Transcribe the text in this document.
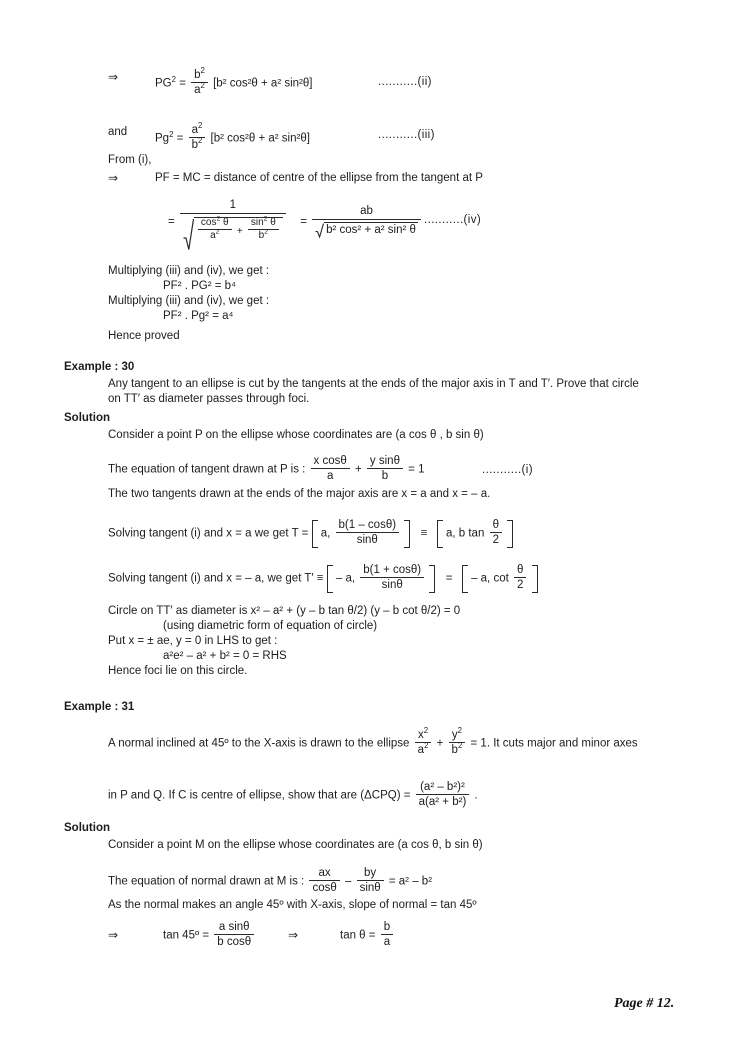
⇒	$PG^2 = \frac{b^2}{a^2} [b^2$ cos²θ + a² sin²θ]	...........(ii)
and
$Pg^2 = \frac{a^2}{b^2} [b^2$ cos²θ + a² sin²θ]	...........(iii)
From (i),
⇒	PF = MC = distance of centre of the ellipse from the tangent at P
=
1
$\frac{\cos^2 \theta}{a^2} + \frac{\sin^2 \theta}{b^2} = \frac{ab}{\text{b² cos² + a² sin² θ}} ...........(iv)$
Multiplying (iii) and (iv), we get :
PF² . PG² = b⁴
Multiplying (iii) and (iv), we get :
PF² . Pg² = a⁴
Hence proved
Example : 30
Any tangent to an ellipse is cut by the tangents at the ends of the major axis in T and T′. Prove that circle
on TT′ as diameter passes through foci.
Solution
Consider a point P on the ellipse whose coordinates are (a cos θ , b sin θ)
The equation of tangent drawn at P is : $\frac{\text{x cosθ}}{a} + \frac{\text{y sinθ}}{b} = 1$	...........(i)
The two tangents drawn at the ends of the major axis are x = a and x = – a.
Solving tangent (i) and x = a we get T = a, $\frac{b(1 - \cos\theta)}{\sin\theta} \equiv a$, b $\tan \frac{\theta}{2}$

Solving tangent (i) and x = – a, we get T′ ≡ – a, $\frac{b(1 + \cos\theta)}{\sin\theta}$ = – a, $\cot \frac{\theta}{2}$

Circle on TT′ as diameter is x² – a² + (y – b tan θ/2) (y – b cot θ/2) = 0
(using diametric form of equation of circle)
Put x = ± ae, y = 0 in LHS to get :
a²e² – a² + b² = 0 = RHS
Hence foci lie on this circle.
Example : 31
A normal inclined at 45º to the X-axis is drawn to the ellipse $\frac{x^2}{a^2} + \frac{y^2}{b^2} = 1$. It cuts major and minor axes
in P and Q. If C is centre of ellipse, show that are $(\Delta CPQ) = \frac{\text{(a² – b²)²}}{\text{a(a² + b²)}}$ .
Solution
Consider a point M on the ellipse whose coordinates are (a cos θ, b sin θ)
The equation of normal drawn at M is : $\frac{ax}{\cos\theta} - \frac{by}{\sin\theta} = a^2 - b^2$
As the normal makes an angle 45º with X-axis, slope of normal = tan 45º
⇒	tan 45º = $\frac{\text{a sinθ}}{\text{b cosθ}}$	⇒	$\tan \theta = \frac{b}{a}$
Page # 12.
